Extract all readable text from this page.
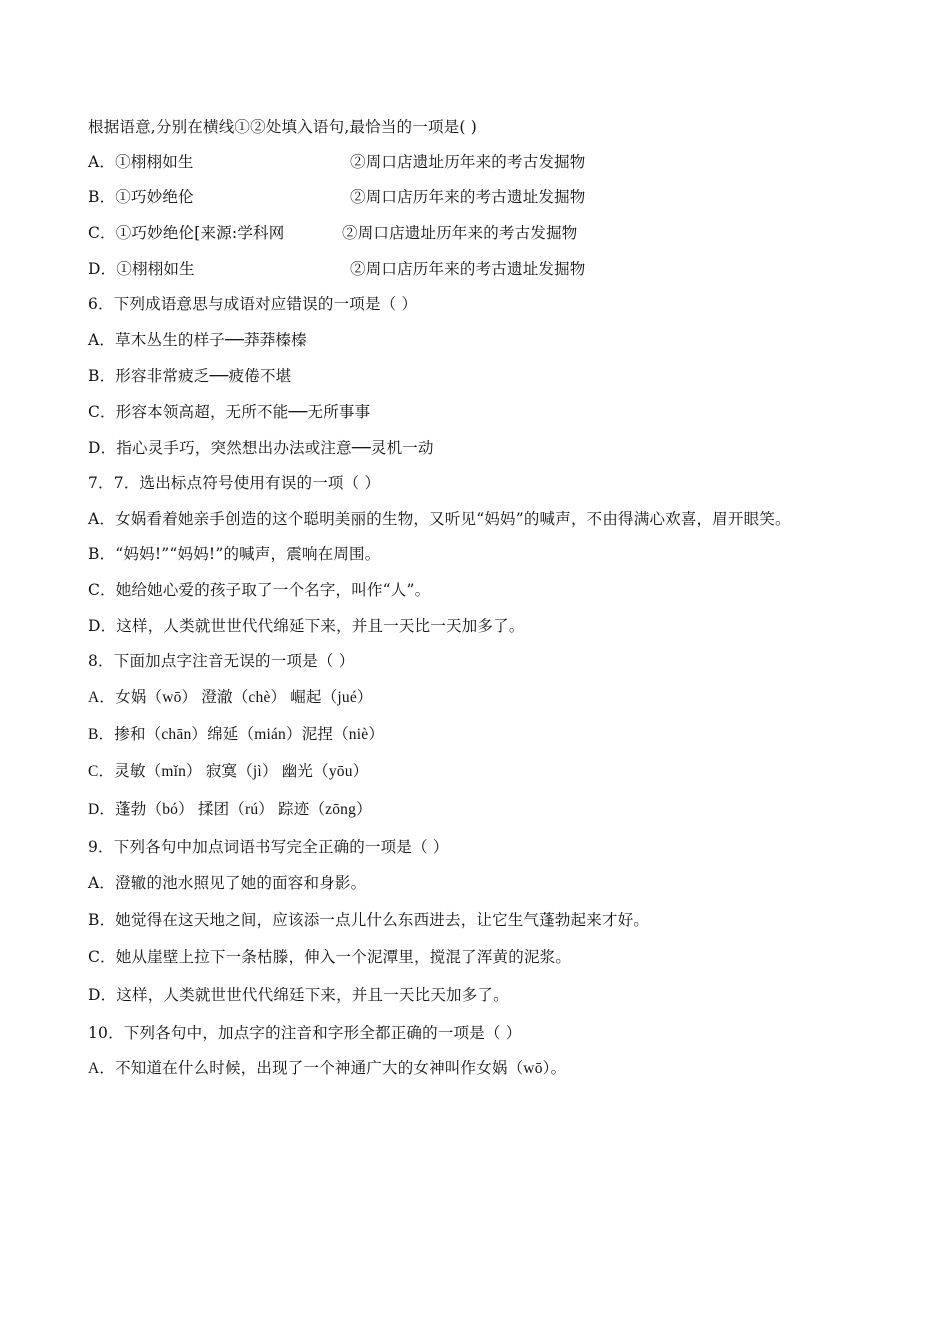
根据语意,分别在横线①②处填入语句,最恰当的一项是( )
A．①栩栩如生	②周口店遗址历年来的考古发掘物
B．①巧妙绝伦	②周口店历年来的考古遗址发掘物
C．①巧妙绝伦[来源:学科网	②周口店遗址历年来的考古发掘物
D．①栩栩如生	②周口店历年来的考古遗址发掘物
6．下列成语意思与成语对应错误的一项是（ ）
A．草木丛生的样子──莽莽榛榛
B．形容非常疲乏──疲倦不堪
C．形容本领高超，无所不能──无所事事
D．指心灵手巧，突然想出办法或注意──灵机一动
7．7．选出标点符号使用有误的一项（ ）
A．女娲看着她亲手创造的这个聪明美丽的生物，又听见“妈妈”的喊声，不由得满心欢喜，眉开眼笑。
B．“妈妈!”“妈妈!”的喊声，震响在周围。
C．她给她心爱的孩子取了一个名字，叫作“人”。
D．这样，人类就世世代代绵延下来，并且一天比一天加多了。
8．下面加点字注音无误的一项是（ ）
A．女娲（wō） 澄澈（chè） 崛起（jué）
B．掺和（chān）绵延（mián）泥捏（niè）
C．灵敏（mǐn） 寂寞（jì） 幽光（yōu）
D．蓬勃（bó） 揉团（rú） 踪迹（zōng）
9．下列各句中加点词语书写完全正确的一项是（ ）
A．澄辙的池水照见了她的面容和身影。
B．她觉得在这天地之间，应该添一点儿什么东西进去，让它生气蓬勃起来才好。
C．她从崖壁上拉下一条枯滕，伸入一个泥潭里，搅混了浑黄的泥浆。
D．这样，人类就世世代代绵廷下来，并且一天比天加多了。
10．下列各句中，加点字的注音和字形全都正确的一项是（ ）
A．不知道在什么时候，出现了一个神通广大的女神叫作女娲（wō）。
